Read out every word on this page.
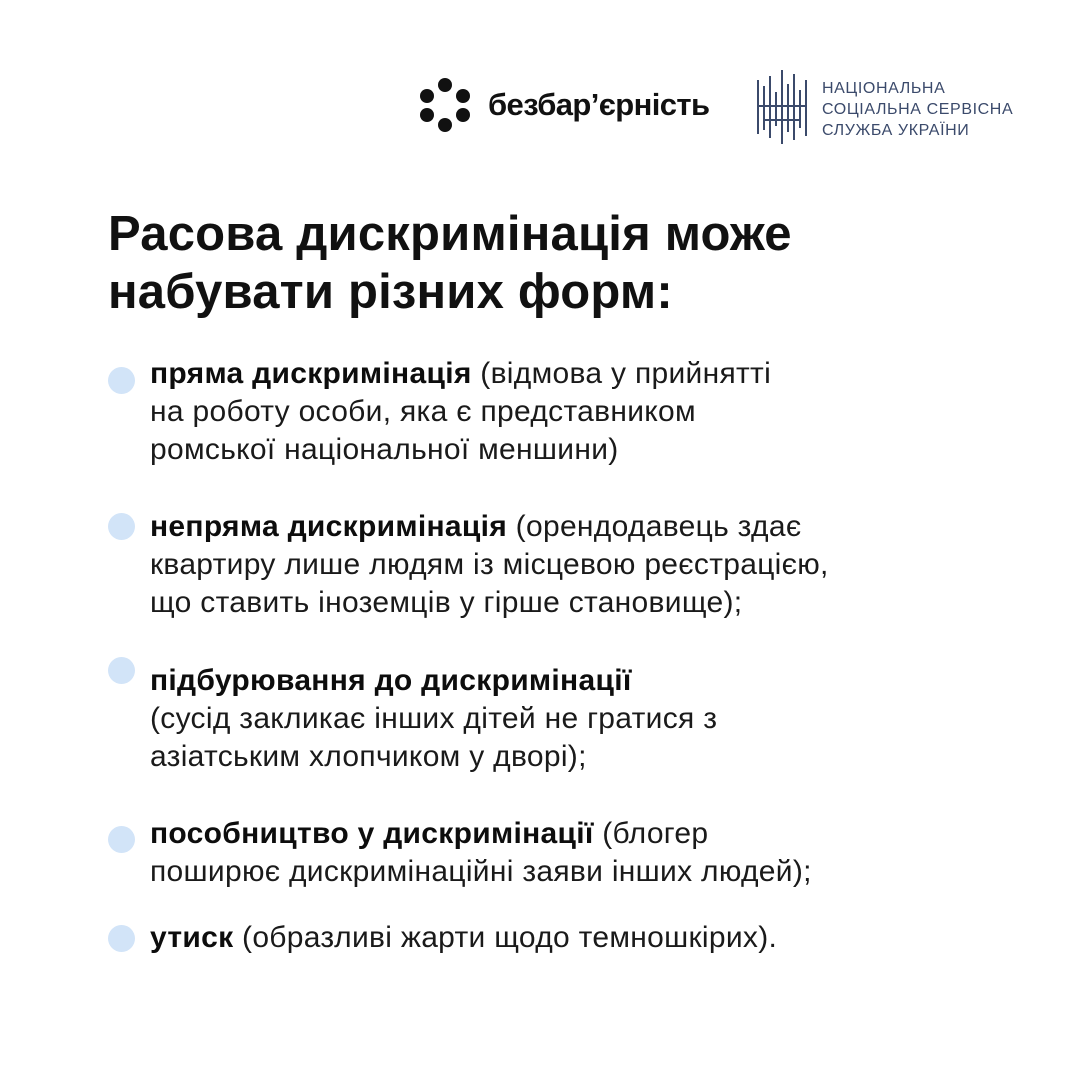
безбар’єрність	НАЦІОНАЛЬНА
СОЦІАЛЬНА СЕРВІСНА
СЛУЖБА УКРАЇНИ
Расова дискримінація може
набувати різних форм:
пряма дискримінація (відмова у прийнятті
на роботу особи, яка є представником
ромської національної меншини)
непряма дискримінація (орендодавець здає
квартиру лише людям із місцевою реєстрацією,
що ставить іноземців у гірше становище);
підбурювання до дискримінації
(сусід закликає інших дітей не гратися з
азіатським хлопчиком у дворі);
пособництво у дискримінації (блогер
поширює дискримінаційні заяви інших людей);
утиск (образливі жарти щодо темношкірих).
